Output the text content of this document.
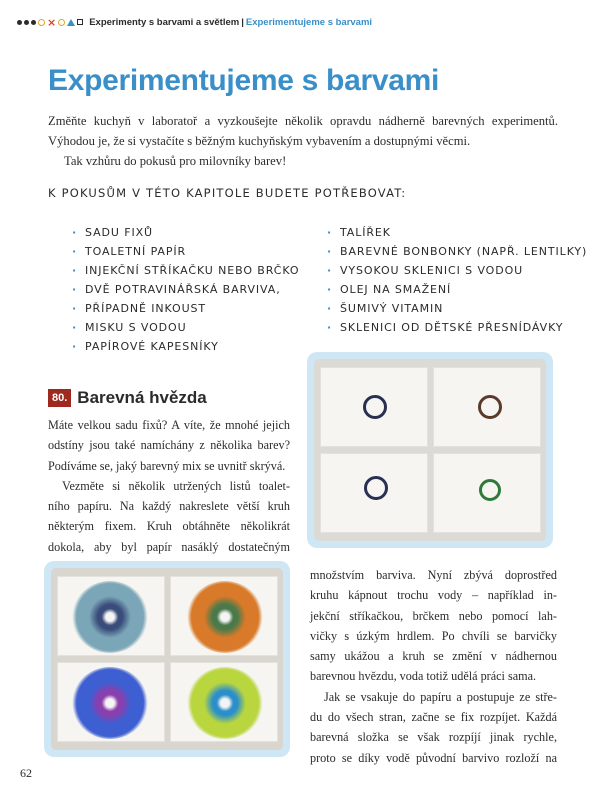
×	Experimenty s barvami a světlem | Experimentujeme s barvami
Experimentujeme s barvami

Změňte kuchyň v laboratoř a vyzkoušejte několik opravdu nádherně barevných experimentů. Výhodou je, že si vystačíte s běžným kuchyňským vybavením a dostupnými věcmi.

Tak vzhůru do pokusů pro milovníky barev!

K POKUSŮM V TÉTO KAPITOLE BUDETE POTŘEBOVAT:
· SADU FIXŮ
· TOALETNÍ PAPÍR
· INJEKČNÍ STŘÍKAČKU NEBO BRČKO
· DVĚ POTRAVINÁŘSKÁ BARVIVA,
· PŘÍPADNĚ INKOUST
· MISKU S VODOU
· PAPÍROVÉ KAPESNÍKY
· TALÍŘEK
· BAREVNÉ BONBONKY (NAPŘ. LENTILKY)
· VYSOKOU SKLENICI S VODOU
· OLEJ NA SMAŽENÍ
· ŠUMIVÝ VITAMIN
· SKLENICI OD DĚTSKÉ PŘESNÍDÁVKY
80. Barevná hvězda
Máte velkou sadu fixů? A víte, že mnohé jejich
odstíny jsou také namíchány z několika barev?
Podíváme se, jaký barevný mix se uvnitř skrývá.
Vezměte si několik utržených listů toalet-
ního papíru. Na každý nakreslete větší kruh
některým fixem. Kruh obtáhněte několikrát
dokola, aby byl papír nasáklý dostatečným
množstvím barviva. Nyní zbývá doprostřed
kruhu kápnout trochu vody – například in-
jekční stříkačkou, brčkem nebo pomocí lah-
vičky s úzkým hrdlem. Po chvíli se barvičky
samy ukážou a kruh se změní v nádhernou
barevnou hvězdu, voda totiž udělá práci sama.
Jak se vsakuje do papíru a postupuje ze stře-
du do všech stran, začne se fix rozpíjet. Každá
barevná složka se však rozpíjí jinak rychle,
proto se díky vodě původní barvivo rozloží na
62
